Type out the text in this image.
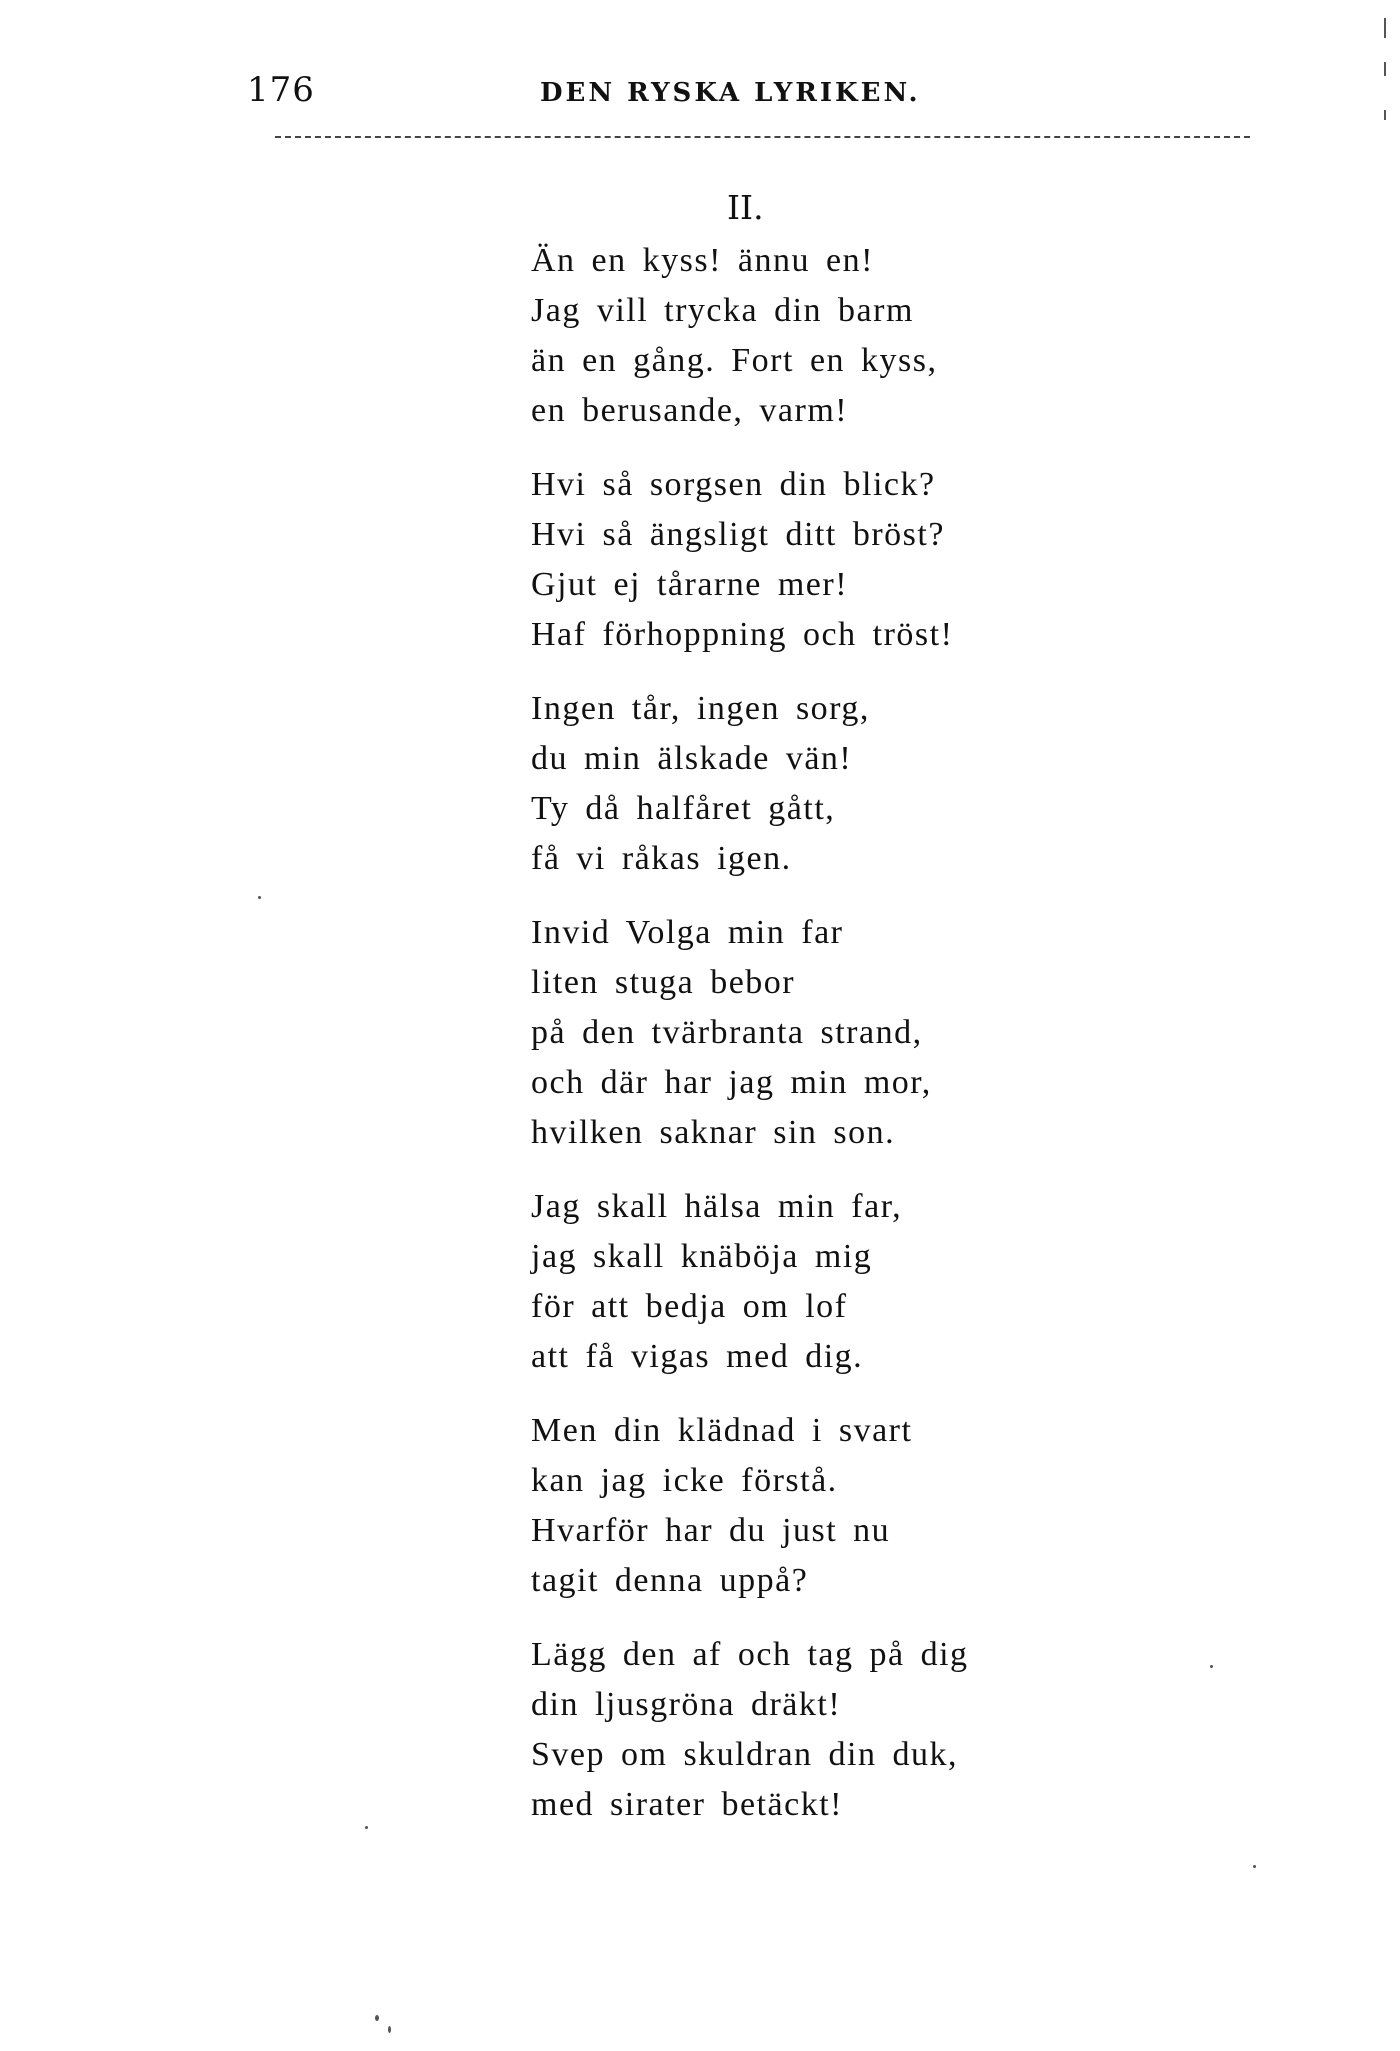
176	DEN RYSKA LYRIKEN.
II.
Än en kyss! ännu en!
Jag vill trycka din barm
än en gång. Fort en kyss,
en berusande, varm!
Hvi så sorgsen din blick?
Hvi så ängsligt ditt bröst?
Gjut ej tårarne mer!
Haf förhoppning och tröst!
Ingen tår, ingen sorg,
du min älskade vän!
Ty då halfåret gått,
få vi råkas igen.
Invid Volga min far
liten stuga bebor
på den tvärbranta strand,
och där har jag min mor,
hvilken saknar sin son.
Jag skall hälsa min far,
jag skall knäböja mig
för att bedja om lof
att få vigas med dig.
Men din klädnad i svart
kan jag icke förstå.
Hvarför har du just nu
tagit denna uppå?
Lägg den af och tag på dig
din ljusgröna dräkt!
Svep om skuldran din duk,
med sirater betäckt!
